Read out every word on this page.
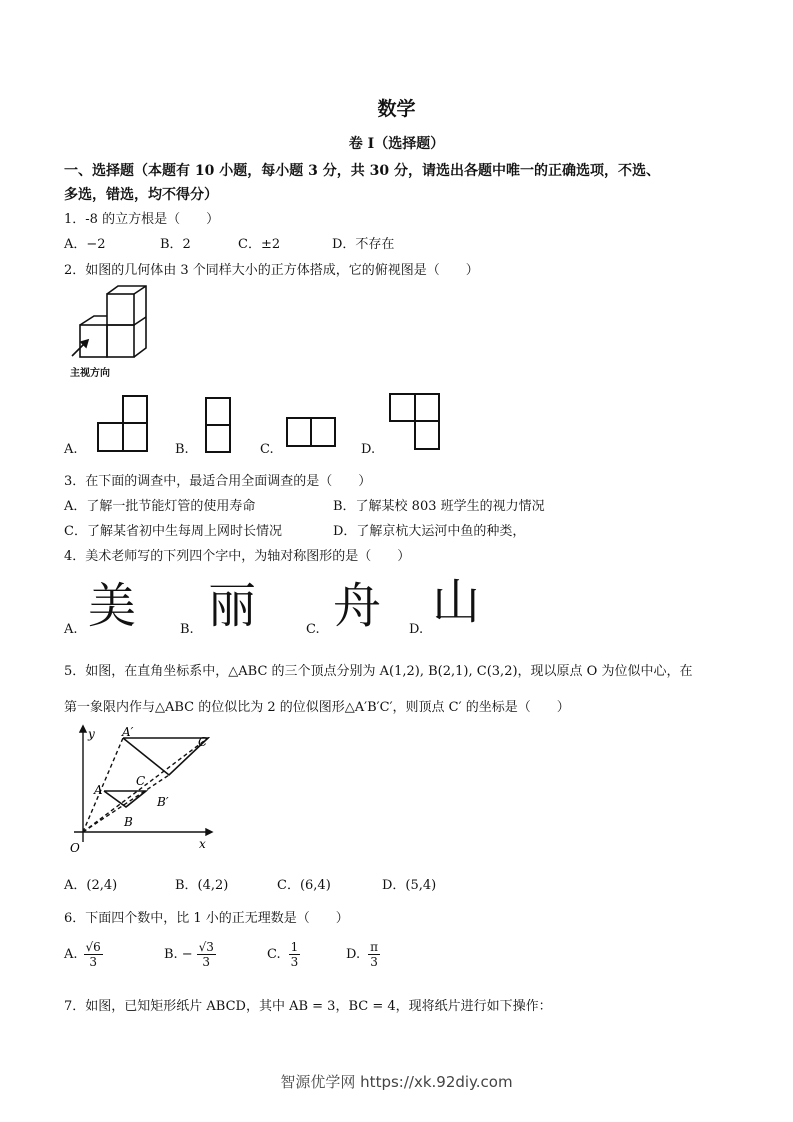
数学
卷 I（选择题）
一、选择题（本题有 10 小题，每小题 3 分，共 30 分，请选出各题中唯一的正确选项，不选、
多选，错选，均不得分）
1．-8 的立方根是（　　）
A．−2	B．2	C．±2	D．不存在
2．如图的几何体由 3 个同样大小的正方体搭成，它的俯视图是（　　）
主视方向
A.	B.	C.	D.
3．在下面的调查中，最适合用全面调查的是（　　）
A．了解一批节能灯管的使用寿命	B．了解某校 803 班学生的视力情况
C．了解某省初中生每周上网时长情况	D．了解京杭大运河中鱼的种类，
4．美术老师写的下列四个字中，为轴对称图形的是（　　）
A. 美	B. 丽	C. 舟 D. 山
5．如图，在直角坐标系中，△ABC 的三个顶点分别为 A(1,2), B(2,1), C(3,2)，现以原点 O 为位似中心，在
第一象限内作与△ABC 的位似比为 2 的位似图形△A′B′C′，则顶点 C′ 的坐标是（　　）
y
x
O
A
B
C
A′
B′
C′
A．(2,4)	B．(4,2)	C．(6,4)	D．(5,4)
6．下面四个数中，比 1 小的正无理数是（　　）
A. $\frac{√6}{3}$	B. − $\frac{√3}{3}$	C. $\frac{1}{3}$	D. $\frac{\pi}{3}$
7．如图，已知矩形纸片 ABCD，其中 AB = 3，BC = 4，现将纸片进行如下操作：
智源优学网 https://xk.92diy.com
